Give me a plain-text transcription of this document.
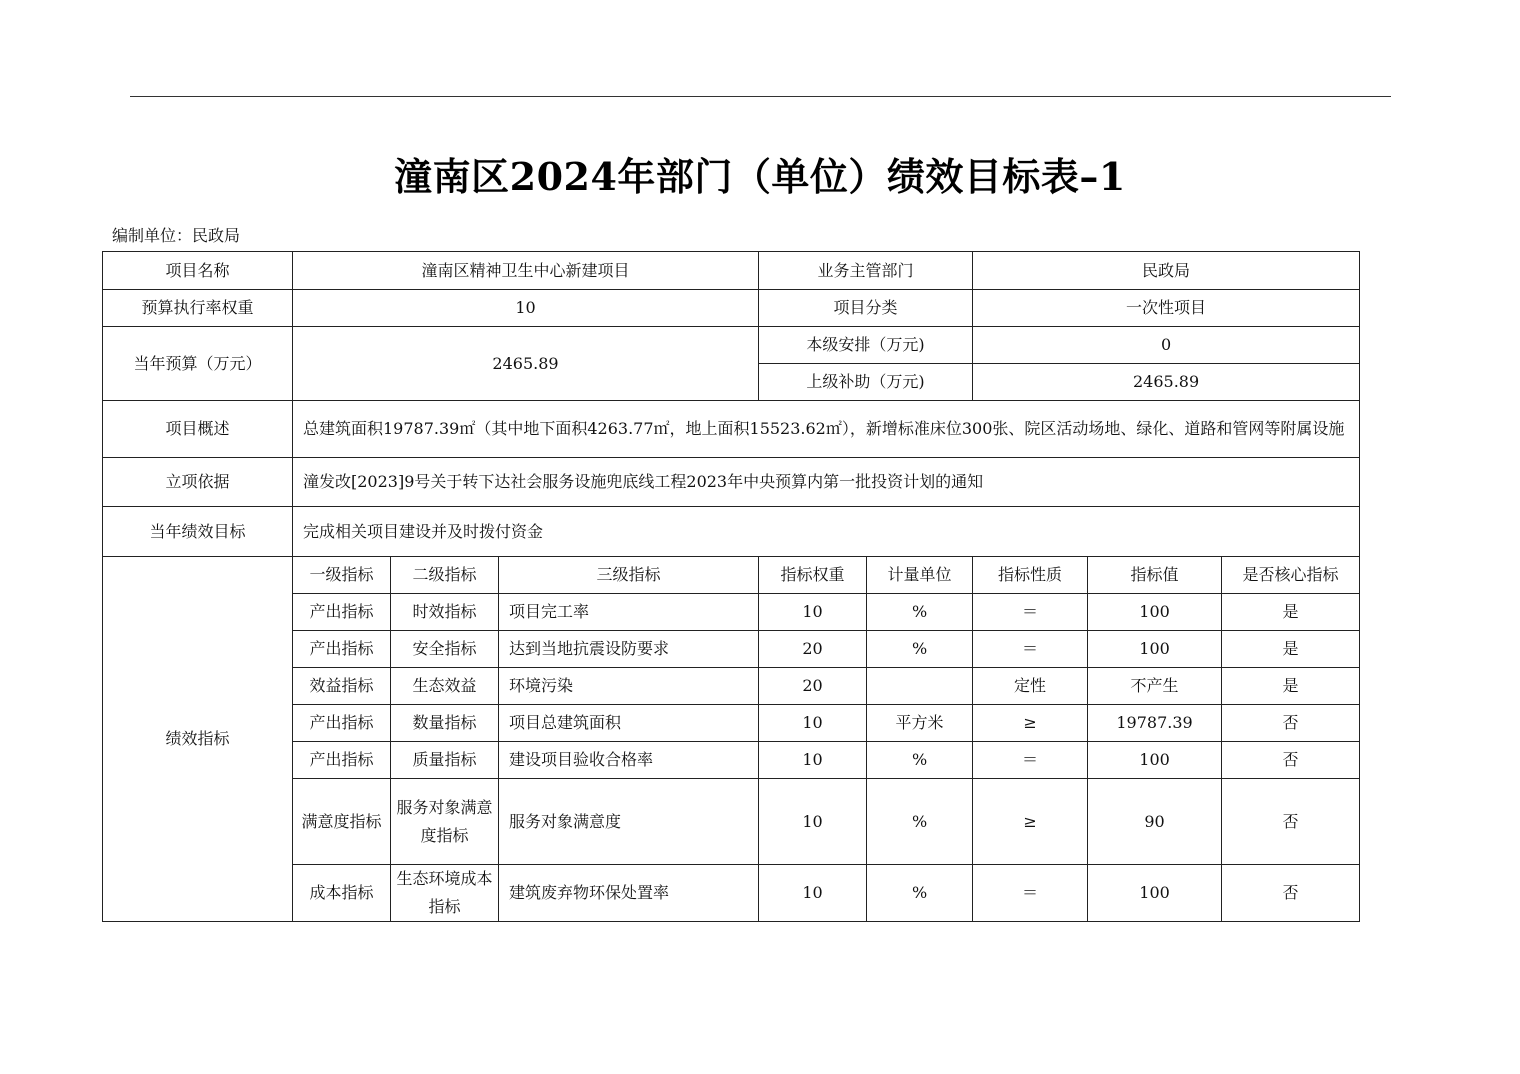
潼南区2024年部门（单位）绩效目标表–1
编制单位：民政局
项目名称	潼南区精神卫生中心新建项目			业务主管部门		民政局		
预算执行率权重	10			项目分类		一次性项目		
当年预算（万元）	2465.89			本级安排（万元)		0		
				上级补助（万元)		2465.89		
项目概述	总建筑面积19787.39㎡（其中地下面积4263.77㎡，地上面积15523.62㎡），新增标准床位300张、院区活动场地、绿化、道路和管网等附属设施							
立项依据	潼发改[2023]9号关于转下达社会服务设施兜底线工程2023年中央预算内第一批投资计划的通知							
当年绩效目标	完成相关项目建设并及时拨付资金							
绩效指标	一级指标	二级指标	三级指标	指标权重	计量单位	指标性质	指标值	是否核心指标
	产出指标	时效指标	项目完工率	10	%	＝	100	是
	产出指标	安全指标	达到当地抗震设防要求	20	%	＝	100	是
	效益指标	生态效益	环境污染	20		定性	不产生	是
	产出指标	数量指标	项目总建筑面积	10	平方米	≥	19787.39	否
	产出指标	质量指标	建设项目验收合格率	10	%	＝	100	否
	满意度指标	服务对象满意度指标	服务对象满意度	10	%	≥	90	否
	成本指标	生态环境成本指标	建筑废弃物环保处置率	10	%	＝	100	否
